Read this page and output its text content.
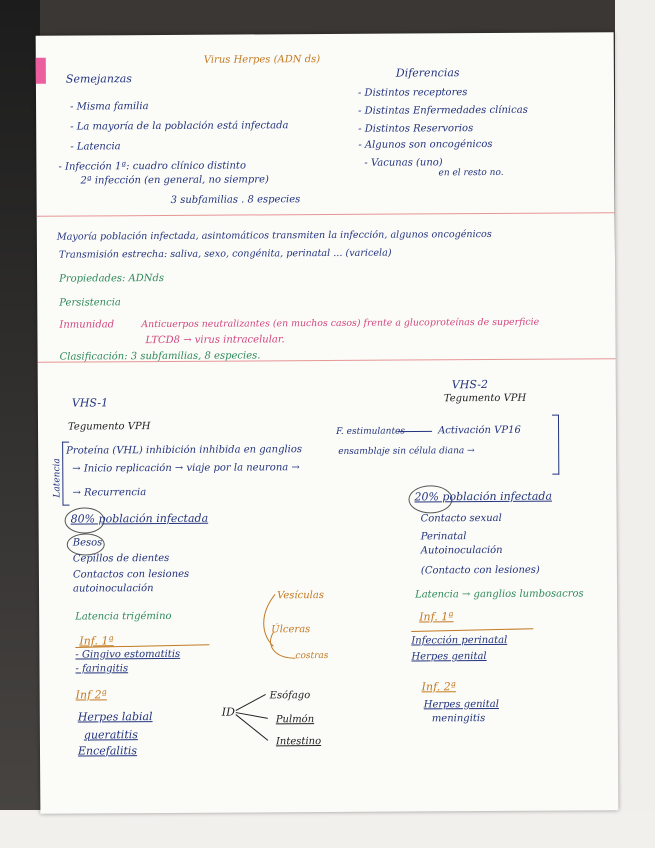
Virus Herpes (ADN ds)
Semejanzas
- Misma familia
- La mayoría de la población está infectada
- Latencia
- Infección 1ª: cuadro clínico distinto
2ª infección (en general, no siempre)
3 subfamilias . 8 especies
Diferencias
- Distintos receptores
- Distintas Enfermedades clínicas
- Distintos Reservorios
- Algunos son oncogénicos
- Vacunas (uno)
en el resto no.
Mayoría población infectada, asintomáticos transmiten la infección, algunos oncogénicos
Transmisión estrecha: saliva, sexo, congénita, perinatal ... (varicela)
Propiedades: ADNds
Persistencia
Inmunidad	Anticuerpos neutralizantes (en muchos casos) frente a glucoproteínas de superficie
LTCD8 → virus intracelular.
Clasificación: 3 subfamilias, 8 especies.
VHS-1
Tegumento VPH
Proteína (VHL) inhibición inhibida en ganglios
F. estimulantes	Activación VP16
ensamblaje sin célula diana →
→ Inicio replicación → viaje por la neurona →
→ Recurrencia
Latencia
80% población infectada
Besos
Cepillos de dientes
Contactos con lesiones
autoinoculación
Latencia trigémino
Inf. 1ª
- Gingivo estomatitis
- faringitis
Inf 2ª
Herpes labial
queratitis
Encefalitis
Vesículas
Úlceras
costras
ID
Esófago
Pulmón
Intestino
VHS-2
Tegumento VPH
20% población infectada
Contacto sexual
Perinatal
Autoinoculación
(Contacto con lesiones)
Latencia → ganglios lumbosacros
Inf. 1ª
Infección perinatal
Herpes genital
Inf. 2ª
Herpes genital
meningitis
